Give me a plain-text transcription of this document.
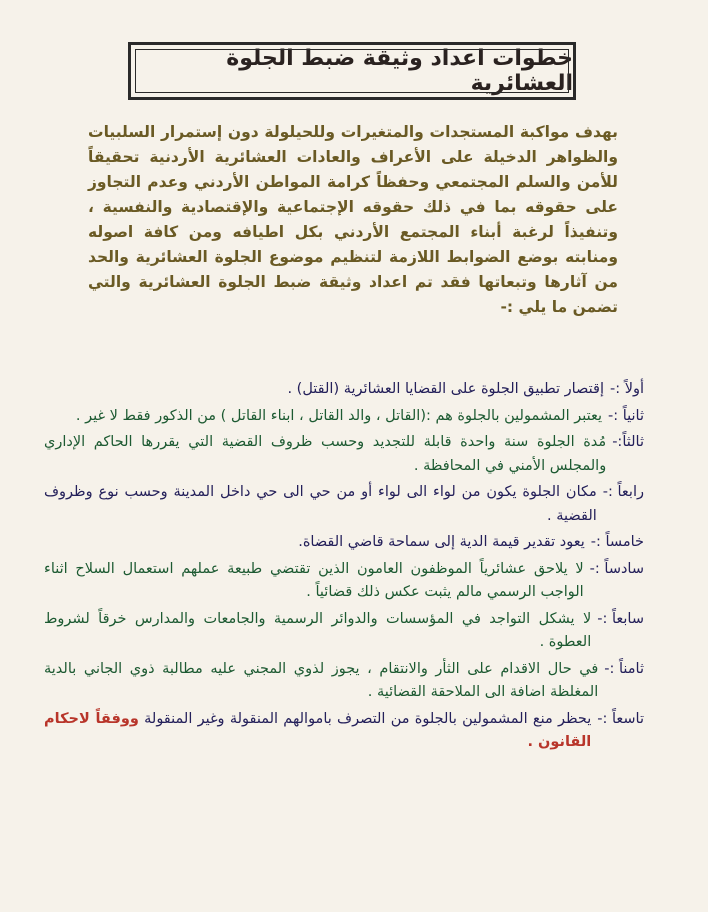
خطوات اعداد وثيقة ضبط الجلوة العشائرية
بهدف مواكبة المستجدات والمتغيرات وللحيلولة دون إستمرار السلبيات والظواهر الدخيلة على الأعراف والعادات العشائرية الأردنية تحقيقاً للأمن والسلم المجتمعي وحفظاً كرامة المواطن الأردني وعدم التجاوز على حقوقه بما في ذلك حقوقه الإجتماعية والإقتصادية والنفسية ، وتنفيذاً لرغبة أبناء المجتمع الأردني بكل اطيافه ومن كافة اصوله ومنابته بوضع الضوابط اللازمة لتنظيم موضوع الجلوة العشائرية والحد من آثارها وتبعاتها فقد تم اعداد وثيقة ضبط الجلوة العشائرية والتي تضمن ما يلي :-
أولاً :-
إقتصار تطبيق الجلوة على القضايا العشائرية (القتل) .
ثانياً :-
يعتبر المشمولين بالجلوة هم :(القاتل ، والد القاتل ، ابناء القاتل ) من الذكور فقط لا غير .
ثالثاً:-
مُدة الجلوة سنة واحدة قابلة للتجديد وحسب ظروف القضية التي يقررها الحاكم الإداري والمجلس الأمني في المحافظة .
رابعاً :-
مكان الجلوة يكون من لواء الى لواء أو من حي الى حي داخل المدينة وحسب نوع وظروف القضية .
خامساً :-
يعود تقدير قيمة الدية إلى سماحة قاضي القضاة.
سادساً :-
لا يلاحق عشائرياً الموظفون العامون الذين تقتضي طبيعة عملهم استعمال السلاح اثناء الواجب الرسمي مالم يثبت عكس ذلك قضائياً .
سابعاً :-
لا يشكل التواجد في المؤسسات والدوائر الرسمية والجامعات والمدارس خرقاً لشروط العطوة .
ثامناً :-
في حال الاقدام على الثأر والانتقام ، يجوز لذوي المجني عليه مطالبة ذوي الجاني بالدية المغلظة اضافة الى الملاحقة القضائية .
تاسعاً :-
يحظر منع المشمولين بالجلوة من التصرف باموالهم المنقولة وغير المنقولة ووفقاً لاحكام القانون .
